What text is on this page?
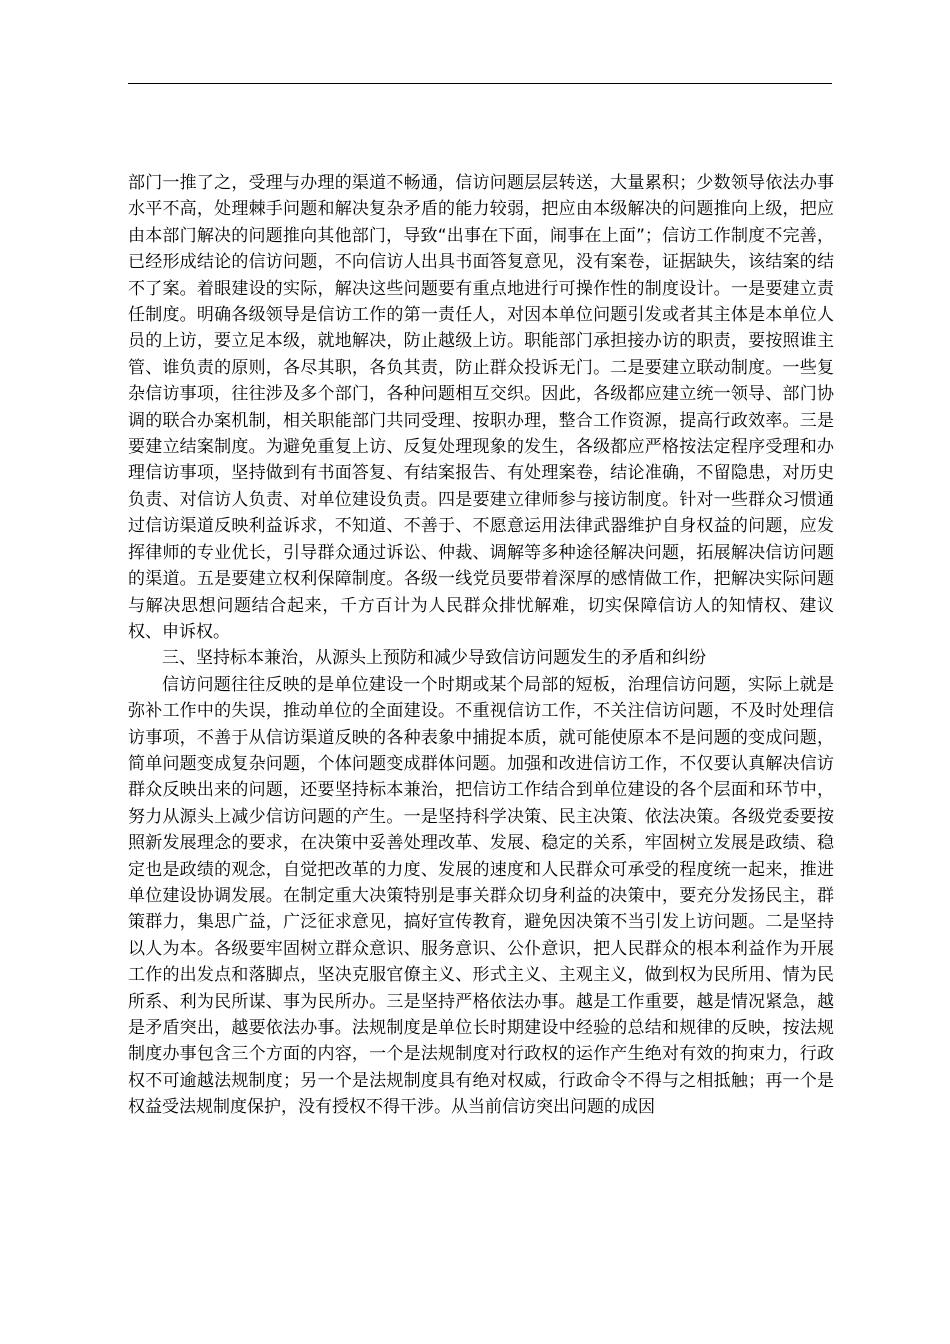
部门一推了之，受理与办理的渠道不畅通，信访问题层层转送，大量累积；少数领导依法办事水平不高，处理棘手问题和解决复杂矛盾的能力较弱，把应由本级解决的问题推向上级，把应由本部门解决的问题推向其他部门，导致“出事在下面，闹事在上面”；信访工作制度不完善，已经形成结论的信访问题，不向信访人出具书面答复意见，没有案卷，证据缺失，该结案的结不了案。着眼建设的实际，解决这些问题要有重点地进行可操作性的制度设计。一是要建立责任制度。明确各级领导是信访工作的第一责任人，对因本单位问题引发或者其主体是本单位人员的上访，要立足本级，就地解决，防止越级上访。职能部门承担接办访的职责，要按照谁主管、谁负责的原则，各尽其职，各负其责，防止群众投诉无门。二是要建立联动制度。一些复杂信访事项，往往涉及多个部门，各种问题相互交织。因此，各级都应建立统一领导、部门协调的联合办案机制，相关职能部门共同受理、按职办理，整合工作资源，提高行政效率。三是要建立结案制度。为避免重复上访、反复处理现象的发生，各级都应严格按法定程序受理和办理信访事项，坚持做到有书面答复、有结案报告、有处理案卷，结论准确，不留隐患，对历史负责、对信访人负责、对单位建设负责。四是要建立律师参与接访制度。针对一些群众习惯通过信访渠道反映利益诉求，不知道、不善于、不愿意运用法律武器维护自身权益的问题，应发挥律师的专业优长，引导群众通过诉讼、仲裁、调解等多种途径解决问题，拓展解决信访问题的渠道。五是要建立权利保障制度。各级一线党员要带着深厚的感情做工作，把解决实际问题与解决思想问题结合起来，千方百计为人民群众排忧解难，切实保障信访人的知情权、建议权、申诉权。

三、坚持标本兼治，从源头上预防和减少导致信访问题发生的矛盾和纠纷

信访问题往往反映的是单位建设一个时期或某个局部的短板，治理信访问题，实际上就是弥补工作中的失误，推动单位的全面建设。不重视信访工作，不关注信访问题，不及时处理信访事项，不善于从信访渠道反映的各种表象中捕捉本质，就可能使原本不是问题的变成问题，简单问题变成复杂问题，个体问题变成群体问题。加强和改进信访工作，不仅要认真解决信访群众反映出来的问题，还要坚持标本兼治，把信访工作结合到单位建设的各个层面和环节中，努力从源头上减少信访问题的产生。一是坚持科学决策、民主决策、依法决策。各级党委要按照新发展理念的要求，在决策中妥善处理改革、发展、稳定的关系，牢固树立发展是政绩、稳定也是政绩的观念，自觉把改革的力度、发展的速度和人民群众可承受的程度统一起来，推进单位建设协调发展。在制定重大决策特别是事关群众切身利益的决策中，要充分发扬民主，群策群力，集思广益，广泛征求意见，搞好宣传教育，避免因决策不当引发上访问题。二是坚持以人为本。各级要牢固树立群众意识、服务意识、公仆意识，把人民群众的根本利益作为开展工作的出发点和落脚点，坚决克服官僚主义、形式主义、主观主义，做到权为民所用、情为民所系、利为民所谋、事为民所办。三是坚持严格依法办事。越是工作重要，越是情况紧急，越是矛盾突出，越要依法办事。法规制度是单位长时期建设中经验的总结和规律的反映，按法规制度办事包含三个方面的内容，一个是法规制度对行政权的运作产生绝对有效的拘束力，行政权不可逾越法规制度；另一个是法规制度具有绝对权威，行政命令不得与之相抵触；再一个是权益受法规制度保护，没有授权不得干涉。从当前信访突出问题的成因
